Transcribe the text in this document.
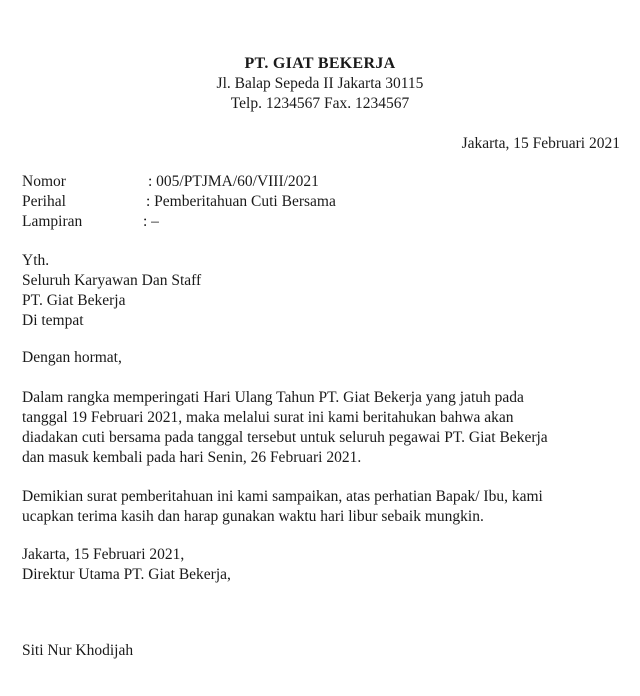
PT. GIAT BEKERJA
Jl. Balap Sepeda II Jakarta 30115
Telp. 1234567 Fax. 1234567
Jakarta, 15 Februari 2021
Nomor	: 005/PTJMA/60/VIII/2021
Perihal	: Pemberitahuan Cuti Bersama
Lampiran	: –
Yth.
Seluruh Karyawan Dan Staff
PT. Giat Bekerja
Di tempat
Dengan hormat,
Dalam rangka memperingati Hari Ulang Tahun PT. Giat Bekerja yang jatuh pada
tanggal 19 Februari 2021, maka melalui surat ini kami beritahukan bahwa akan
diadakan cuti bersama pada tanggal tersebut untuk seluruh pegawai PT. Giat Bekerja
dan masuk kembali pada hari Senin, 26 Februari 2021.
Demikian surat pemberitahuan ini kami sampaikan, atas perhatian Bapak/ Ibu, kami
ucapkan terima kasih dan harap gunakan waktu hari libur sebaik mungkin.
Jakarta, 15 Februari 2021,
Direktur Utama PT. Giat Bekerja,
Siti Nur Khodijah
